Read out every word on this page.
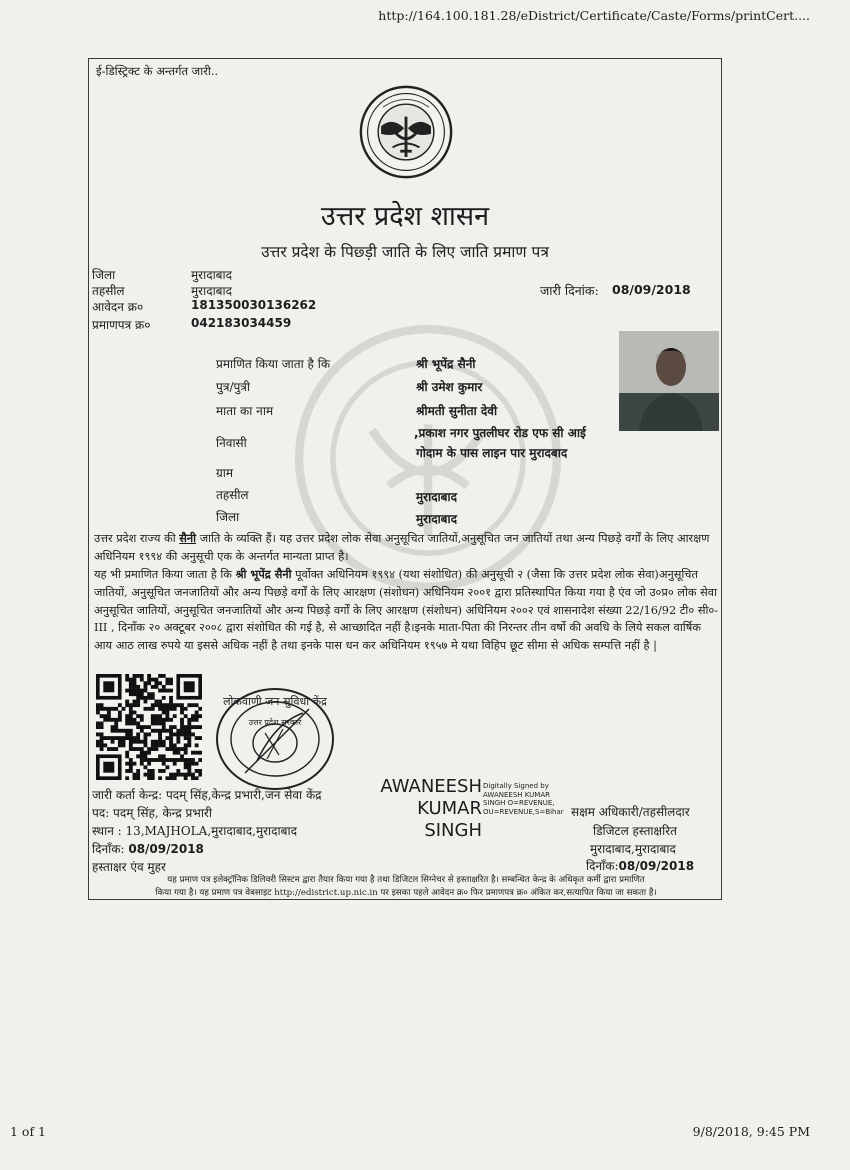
http://164.100.181.28/eDistrict/Certificate/Caste/Forms/printCert....
ई-डिस्ट्रिक्ट के अन्तर्गत जारी..
उत्तर प्रदेश शासन
उत्तर प्रदेश के पिछ्ड़ी जाति के लिए जाति प्रमाण पत्र
जिला	मुरादाबाद
तहसील	मुरादाबाद
आवेदन क्र०	181350030136262
प्रमाणपत्र क्र०	042183034459
जारी दिनांक: 08/09/2018
प्रमाणित किया जाता है कि	श्री भूपेंद्र सैनी
पुत्र/पुत्री	श्री उमेश कुमार
माता का नाम	श्रीमती सुनीता देवी
निवासी
,प्रकाश नगर पुतलीघर रोड एफ सी आई
गोदाम के पास लाइन पार मुरादबाद
ग्राम
तहसील	मुरादाबाद
जिला	मुरादाबाद
उत्तर प्रदेश राज्य की सैनी जाति के व्यक्ति हैं। यह उत्तर प्रदेश लोक सेवा अनुसूचित जातियों,अनुसूचित जन जातियों तथा अन्य पिछड़े वर्गों के लिए आरक्षण अधिनियम १९९४ की अनुसूची एक के अन्तर्गत मान्यता प्राप्त है।
यह भी प्रमाणित किया जाता है कि श्री भूपेंद्र सैनी पूर्वोक्त अधिनियम १९९४ (यथा संशोधित) की अनुसूची २ (जैसा कि उत्तर प्रदेश लोक सेवा)अनुसूचित जातियों, अनुसूचित जनजातियों और अन्य पिछड़े वर्गों के लिए आरक्षण (संशोधन) अधिनियम २००१ द्वारा प्रतिस्थापित किया गया है एंव जो उ०प्र० लोक सेवा अनुसूचित जातियों, अनुसूचित जनजातियों और अन्य पिछड़े वर्गों के लिए आरक्षण (संशोधन) अधिनियम २००२ एवं शासनादेश संख्या 22/16/92 टी० सी०-III , दिनाँक २० अक्टूबर २००८ द्वारा संशोधित की गई है, से आच्छादित नहीं है।इनके माता-पिता की निरन्तर तीन वर्षो की अवधि के लिये सकल वार्षिक आय आठ लाख रुपये या इससे अधिक नहीं है तथा इनके पास धन कर अधिनियम १९५७ मे यथा विहिप छूट सीमा से अधिक सम्पत्ति नहीं है |
लोकवाणी जन-सुविधा केंद्र
उत्तर प्रदेश सरकार
जारी कर्ता केन्द्र: पदम् सिंह,केन्द्र प्रभारी,जन सेवा केंद्र
पद: पदम् सिंह, केन्द्र प्रभारी
स्थान : 13,MAJHOLA,मुरादाबाद,मुरादाबाद
दिनाँक: 08/09/2018
हस्ताक्षर एंव मुहर
AWANEESH
KUMAR
SINGH
Digitally Signed by
AWANEESH KUMAR
SINGH O=REVENUE,
OU=REVENUE,S=Bihar सक्षम अधिकारी/तहसीलदार
डिजिटल हस्ताक्षरित
मुरादाबाद,मुरादाबाद
दिनाँक:08/09/2018
यह प्रमाण पत्र इलेक्ट्रॉनिक डिलिवरी सिस्टम द्वारा तैयार किया गया है तथा डिजिटल सिग्नेचर से हस्ताक्षरित है। सम्बन्धित केन्द्र के अधिकृत कर्मी द्वारा प्रमाणित
किया गया है। यह प्रमाण पत्र वेबसाइट http://edistrict.up.nic.in पर इसका पहले आवेदन क्र० फिर प्रमाणपत्र क्र० अंकित कर,सत्यापित किया जा सकता है।
1 of 1	9/8/2018, 9:45 PM
